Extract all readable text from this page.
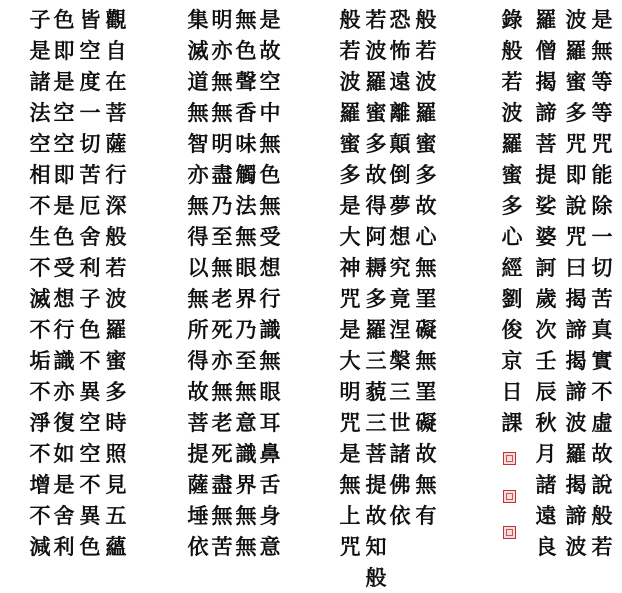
是
無
等
等
咒
能
除
一
切
苦
真
實
不
虛
故
說
般
若
波
羅
蜜
多
咒
即
說
咒
曰
揭
諦
揭
諦
波
羅
揭
諦
波
羅
僧
揭
諦
菩
提
娑
婆
訶
歲
次
壬
辰
秋
月
諸
遠
良
錄
般
若
波
羅
蜜
多
心
經
劉
俊
京
日
課
般
若
波
羅
蜜
多
故
心
無
罣
礙
無
罣
礙
故
無
有
恐
怖
遠
離
顛
倒
夢
想
究
竟
涅
槃
三
世
諸
佛
依
若
波
羅
蜜
多
故
得
阿
耨
多
羅
三
藐
三
菩
提
故
知
般
般
若
波
羅
蜜
多
是
大
神
咒
是
大
明
咒
是
無
上
咒
是
故
空
中
無
色
無
受
想
行
識
無
眼
耳
鼻
舌
身
意
無
色
聲
香
味
觸
法
無
眼
界
乃
至
無
意
識
界
無
無
明
亦
無
無
明
盡
乃
至
無
老
死
亦
無
老
死
盡
無
苦
集
滅
道
無
智
亦
無
得
以
無
所
得
故
菩
提
薩
埵
依
觀
自
在
菩
薩
行
深
般
若
波
羅
蜜
多
時
照
見
五
蘊
皆
空
度
一
切
苦
厄
舍
利
子
色
不
異
空
空
不
異
色
色
即
是
空
空
即
是
色
受
想
行
識
亦
復
如
是
舍
利
子
是
諸
法
空
相
不
生
不
滅
不
垢
不
淨
不
增
不
減
